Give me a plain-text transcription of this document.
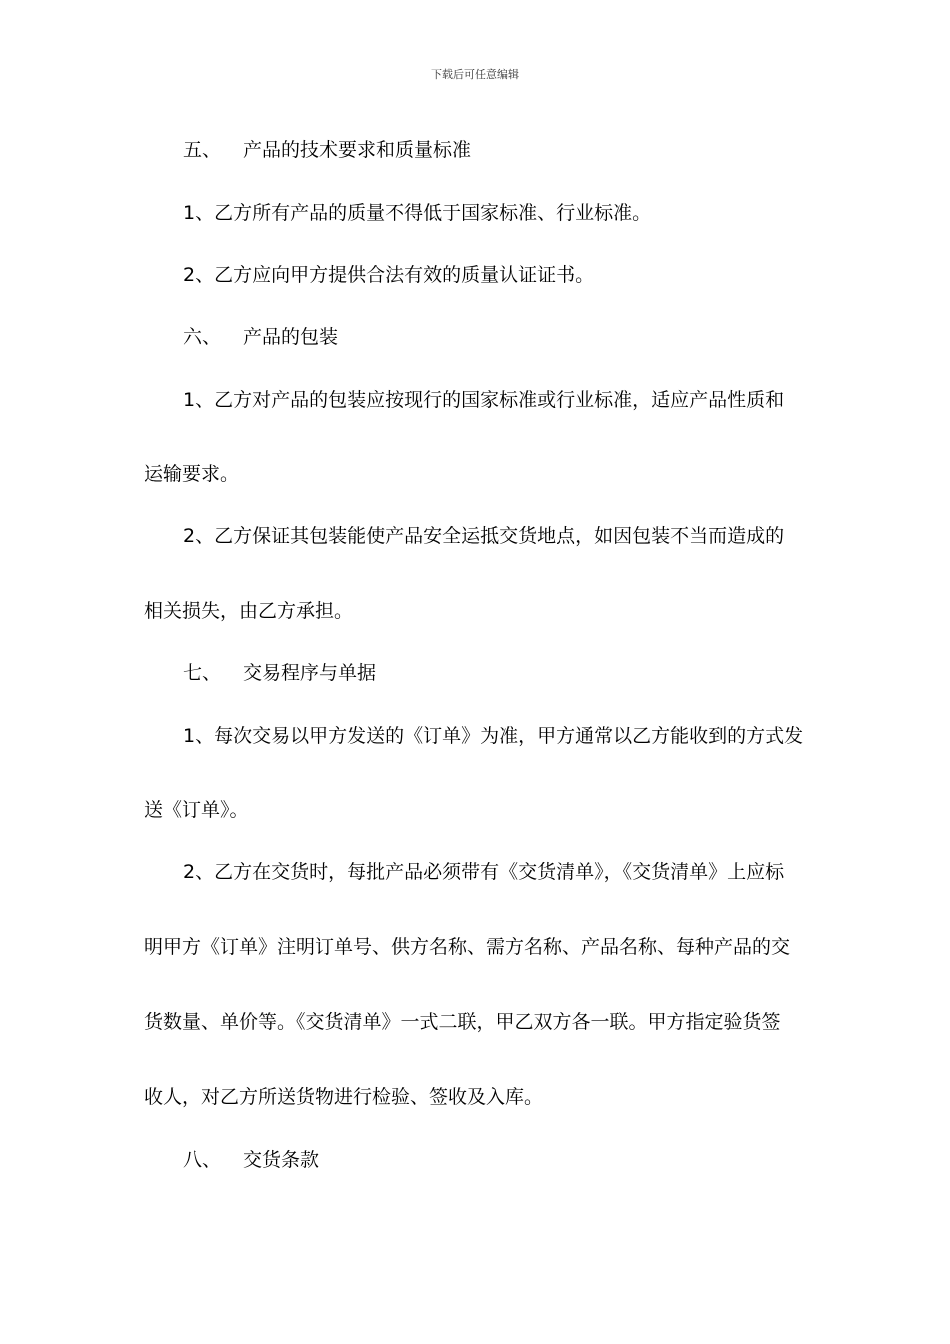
下载后可任意编辑
五、 产品的技术要求和质量标准
1、乙方所有产品的质量不得低于国家标准、行业标准。
2、乙方应向甲方提供合法有效的质量认证证书。
六、 产品的包装
1、乙方对产品的包装应按现行的国家标准或行业标准，适应产品性质和
运输要求。
2、乙方保证其包装能使产品安全运抵交货地点，如因包装不当而造成的
相关损失，由乙方承担。
七、 交易程序与单据
1、每次交易以甲方发送的《订单》为准，甲方通常以乙方能收到的方式发
送《订单》。
2、乙方在交货时，每批产品必须带有《交货清单》，《交货清单》上应标
明甲方《订单》注明订单号、供方名称、需方名称、产品名称、每种产品的交
货数量、单价等。《交货清单》一式二联，甲乙双方各一联。甲方指定验货签
收人，对乙方所送货物进行检验、签收及入库。
八、 交货条款
